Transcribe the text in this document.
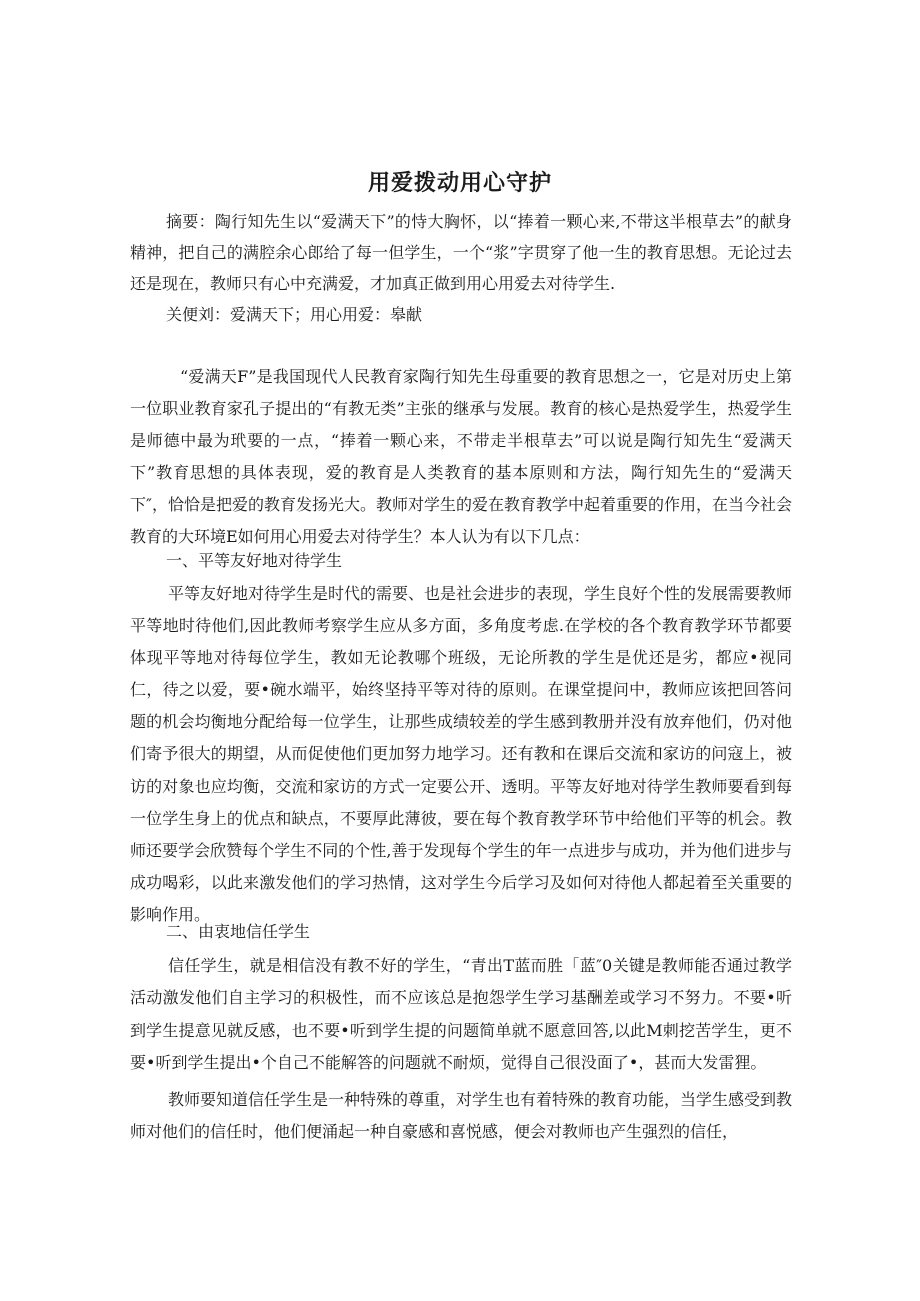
用爱拨动用心守护

摘要：陶行知先生以“爱满天下”的恃大胸怀，以“捧着一颗心来,不带这半根草去”的献身精神，把自己的满腔余心郎给了每一但学生，一个“浆”字贯穿了他一生的教育思想。无论过去还是现在，教师只有心中充满爱，才加真正做到用心用爱去对待学生.

关便刘：爱满天下；用心用爱：皋献

“爱满天F”是我国现代人民教育家陶行知先生母重要的教育思想之一，它是对历史上第一位职业教育家孔子提出的“有教无类”主张的继承与发展。教育的核心是热爱学生，热爱学生是师德中最为玳要的一点，“捧着一颗心来，不带走半根草去”可以说是陶行知先生“爱满天下”教育思想的具体表现，爱的教育是人类教育的基本原则和方法，陶行知先生的“爱满天下″，恰恰是把爱的教育发扬光大。教师对学生的爱在教育教学中起着重要的作用，在当今社会教育的大环境E如何用心用爱去对待学生？本人认为有以下几点：

一、平等友好地对待学生

平等友好地对待学生是时代的需要、也是社会进步的表现，学生良好个性的发展需要教师平等地时待他们,因此教师考察学生应从多方面，多角度考虑.在学校的各个教育教学环节都要体现平等地对待每位学生，教如无论教哪个班级，无论所教的学生是优还是劣，都应•视同仁，待之以爱，要•碗水端平，始终坚持平等对待的原则。在课堂提问中，教师应该把回答问题的机会均衡地分配给每一位学生，让那些成绩较差的学生感到教册并没有放弃他们，仍对他们寄予很大的期望，从而促使他们更加努力地学习。还有教和在课后交流和家访的问寇上，被访的对象也应均衡，交流和家访的方式一定要公开、透明。平等友好地对待学生教师要看到每一位学生身上的优点和缺点，不要厚此薄彼，要在每个教育教学环节中给他们平等的机会。教师还要学会欣赞每个学生不同的个性,善于发现每个学生的年一点进步与成功，并为他们进步与成功喝彩，以此来激发他们的学习热情，这对学生今后学习及如何对待他人都起着至关重要的影响作用。

二、由衷地信任学生

信任学生，就是相信没有教不好的学生，“青出T蓝而胜「蓝″0关键是教师能否通过教学活动激发他们自主学习的积极性，而不应该总是抱怨学生学习基酬差或学习不努力。不要•听到学生提意见就反感，也不要•听到学生提的问题简单就不愿意回答,以此M刺挖苦学生，更不要•听到学生提出•个自己不能解答的问题就不耐烦，觉得自己很没面了•，甚而大发雷狸。

教师要知道信任学生是一种特殊的尊重，对学生也有着特殊的教育功能，当学生感受到教师对他们的信任时，他们便涌起一种自豪感和喜悦感，便会对教师也产生强烈的信任，
